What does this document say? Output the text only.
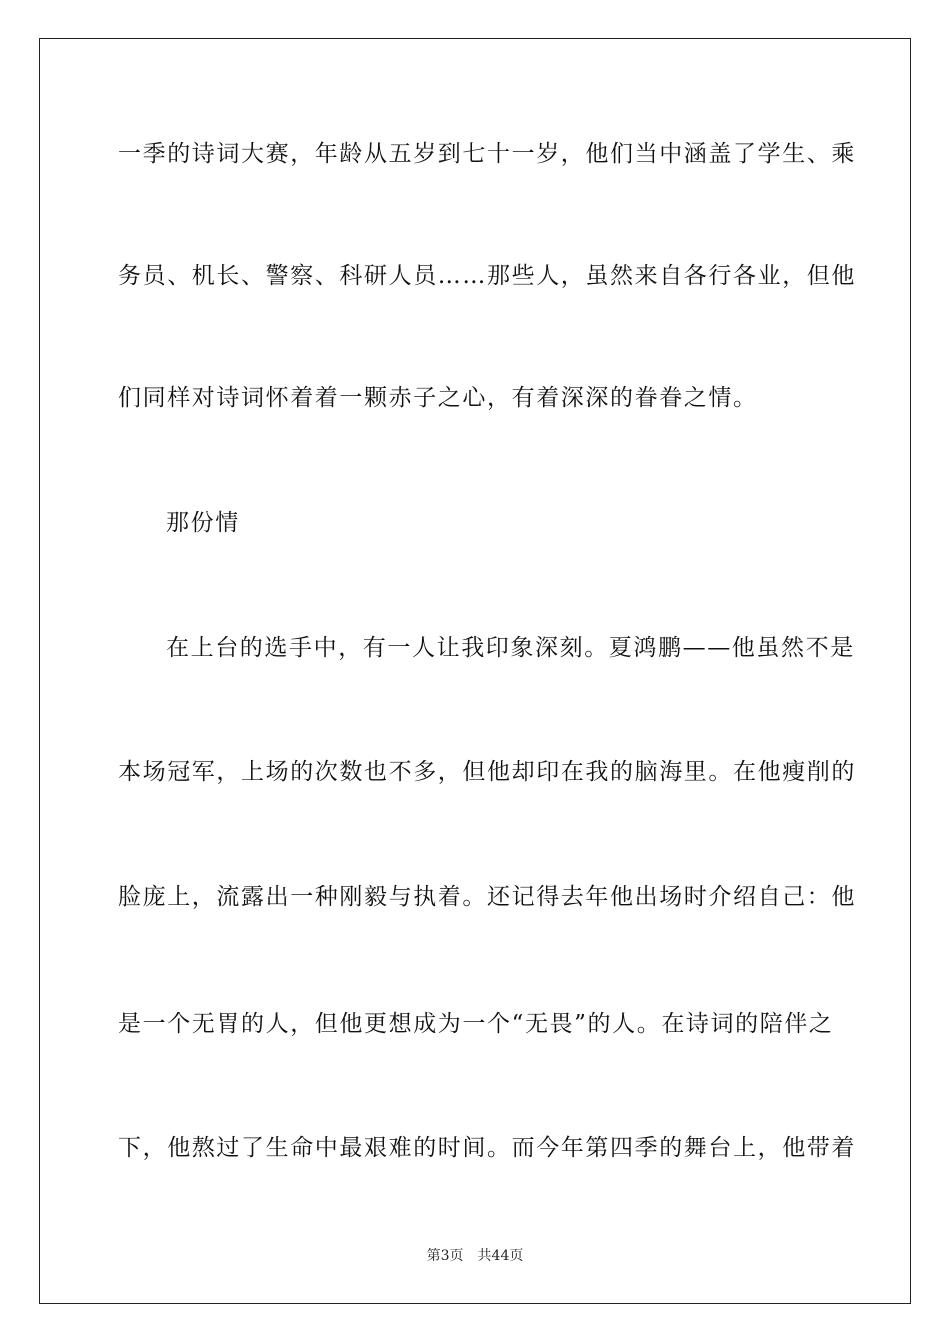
一季的诗词大赛，年龄从五岁到七十一岁，他们当中涵盖了学生、乘
务员、机长、警察、科研人员……那些人，虽然来自各行各业，但他
们同样对诗词怀着着一颗赤子之心，有着深深的眷眷之情。
那份情
在上台的选手中，有一人让我印象深刻。夏鸿鹏——他虽然不是
本场冠军，上场的次数也不多，但他却印在我的脑海里。在他瘦削的
脸庞上，流露出一种刚毅与执着。还记得去年他出场时介绍自己：他
是一个无胃的人，但他更想成为一个“无畏”的人。在诗词的陪伴之
下，他熬过了生命中最艰难的时间。而今年第四季的舞台上，他带着
第3页 共44页
